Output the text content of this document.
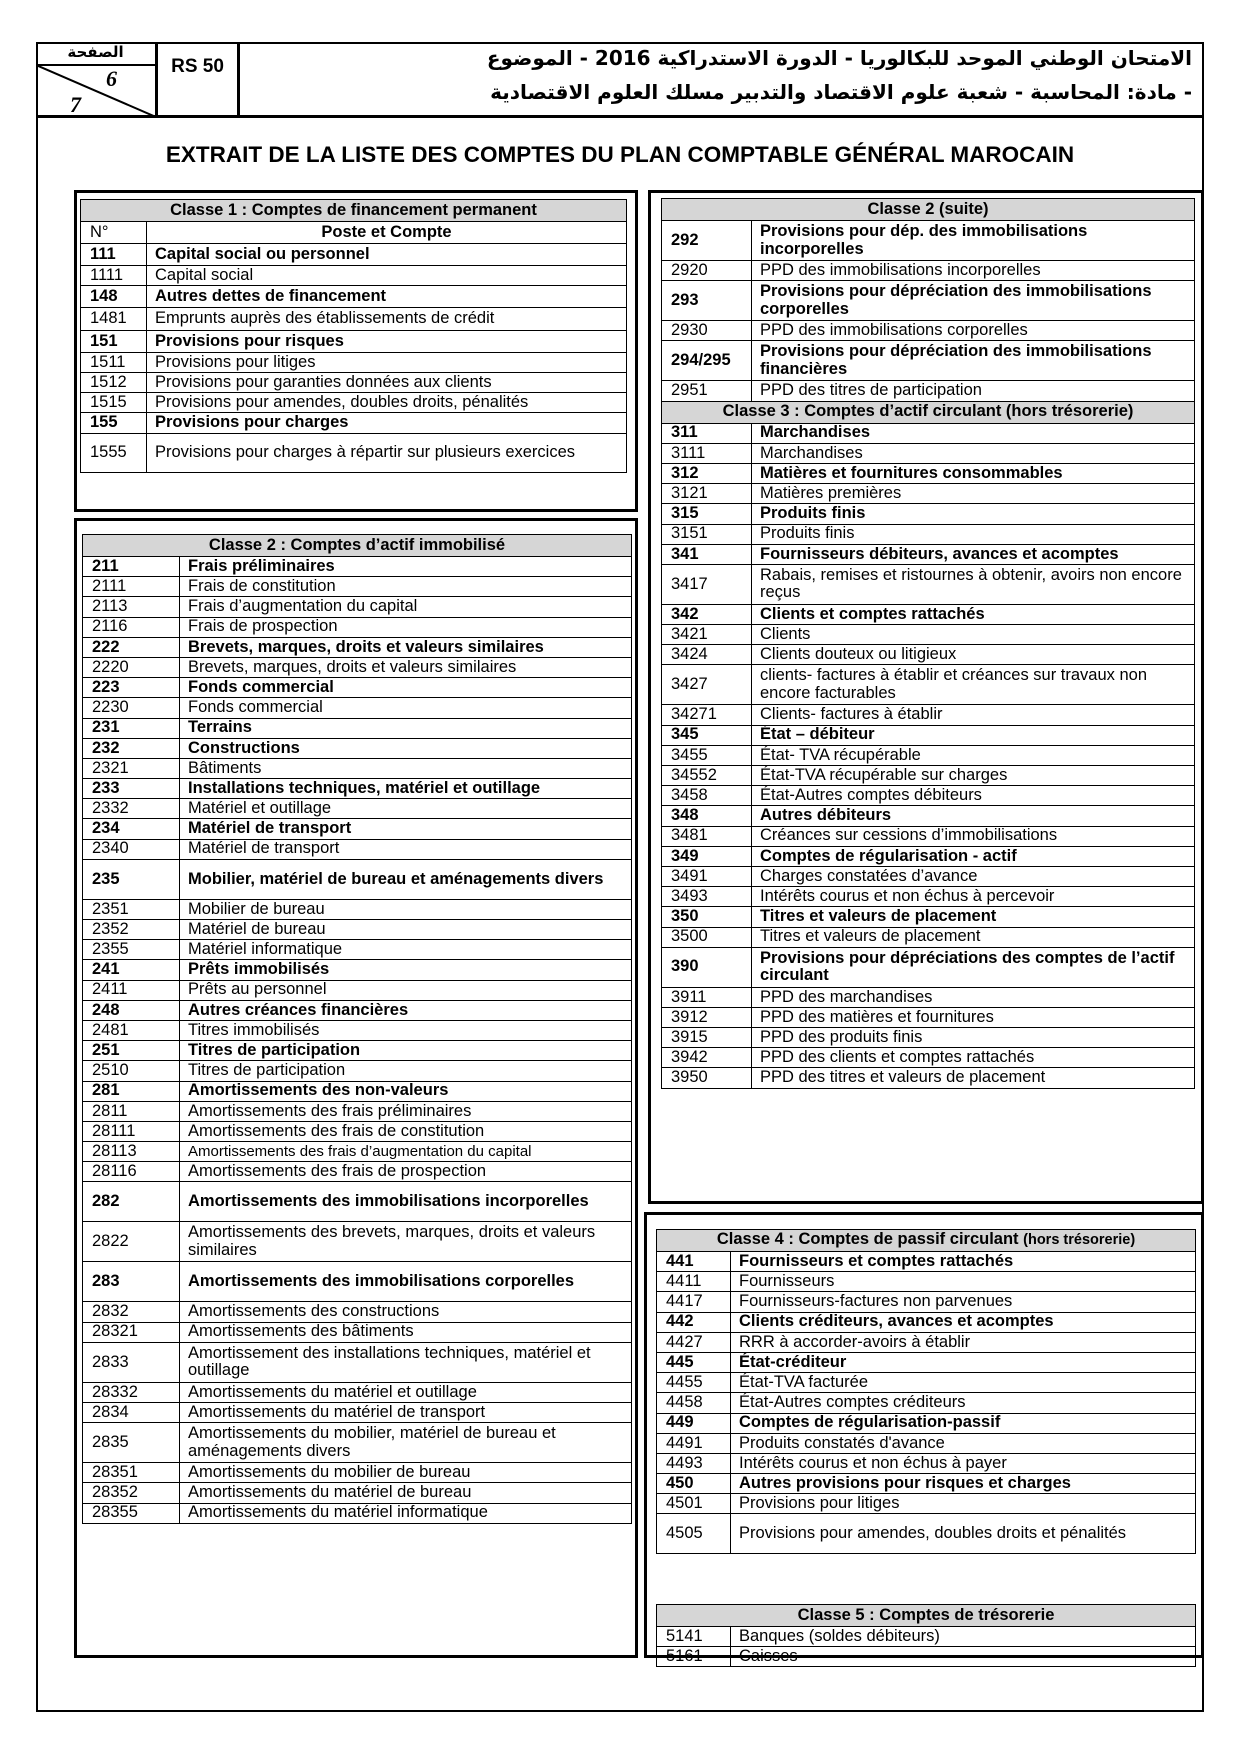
الصفحة
6
7
RS 50	الامتحان الوطني الموحد للبكالوريا - الدورة الاستدراكية 2016 - الموضوع
- مادة: المحاسبة - شعبة علوم الاقتصاد والتدبير مسلك العلوم الاقتصادية
EXTRAIT DE LA LISTE DES COMPTES DU PLAN COMPTABLE GÉNÉRAL MAROCAIN
Classe 1 : Comptes de financement permanent	
N°	Poste et Compte
111	Capital social ou personnel
1111	Capital social
148	Autres dettes de financement
1481	Emprunts auprès des établissements de crédit
151	Provisions pour risques
1511	Provisions pour litiges
1512	Provisions pour garanties données aux clients
1515	Provisions pour amendes, doubles droits, pénalités
155	Provisions pour charges
1555	Provisions pour charges à répartir sur plusieurs exercices
Classe 2 : Comptes d’actif immobilisé	
211	Frais préliminaires
2111	Frais de constitution
2113	Frais d’augmentation du capital
2116	Frais de prospection
222	Brevets, marques, droits et valeurs similaires
2220	Brevets, marques, droits et valeurs similaires
223	Fonds commercial
2230	Fonds commercial
231	Terrains
232	Constructions
2321	Bâtiments
233	Installations techniques, matériel et outillage
2332	Matériel et outillage
234	Matériel de transport
2340	Matériel de transport
235	Mobilier, matériel de bureau et aménagements divers
2351	Mobilier de bureau
2352	Matériel de bureau
2355	Matériel informatique
241	Prêts immobilisés
2411	Prêts au personnel
248	Autres créances financières
2481	Titres immobilisés
251	Titres de participation
2510	Titres de participation
281	Amortissements des non-valeurs
2811	Amortissements des frais préliminaires
28111	Amortissements des frais de constitution
28113	Amortissements des frais d’augmentation du capital
28116	Amortissements des frais de prospection
282	Amortissements des immobilisations incorporelles
2822	Amortissements des brevets, marques, droits et valeurs similaires
283	Amortissements des immobilisations corporelles
2832	Amortissements des constructions
28321	Amortissements des bâtiments
2833	Amortissement des installations techniques, matériel et outillage
28332	Amortissements du matériel et outillage
2834	Amortissements du matériel de transport
2835	Amortissements du mobilier, matériel de bureau et aménagements divers
28351	Amortissements du mobilier de bureau
28352	Amortissements du matériel de bureau
28355	Amortissements du matériel informatique
Classe 2 (suite)	
292	Provisions pour dép. des immobilisations incorporelles
2920	PPD des immobilisations incorporelles
293	Provisions pour dépréciation des immobilisations corporelles
2930	PPD des immobilisations corporelles
294/295	Provisions pour dépréciation des immobilisations financières
2951	PPD des titres de participation
Classe 3 : Comptes d’actif circulant (hors trésorerie)	
311	Marchandises
3111	Marchandises
312	Matières et fournitures consommables
3121	Matières premières
315	Produits finis
3151	Produits finis
341	Fournisseurs débiteurs, avances et acomptes
3417	Rabais, remises et ristournes à obtenir, avoirs non encore reçus
342	Clients et comptes rattachés
3421	Clients
3424	Clients douteux ou litigieux
3427	clients- factures à établir et créances sur travaux non encore facturables
34271	Clients- factures à établir
345	État – débiteur
3455	État- TVA récupérable
34552	État-TVA récupérable sur charges
3458	État-Autres comptes débiteurs
348	Autres débiteurs
3481	Créances sur cessions d’immobilisations
349	Comptes de régularisation - actif
3491	Charges constatées d’avance
3493	Intérêts courus et non échus à percevoir
350	Titres et valeurs de placement
3500	Titres et valeurs de placement
390	Provisions pour dépréciations des comptes de l’actif circulant
3911	PPD des marchandises
3912	PPD des matières et fournitures
3915	PPD des produits finis
3942	PPD des clients et comptes rattachés
3950	PPD des titres et valeurs de placement
Classe 4 : Comptes de passif circulant (hors trésorerie)	
441	Fournisseurs et comptes rattachés
4411	Fournisseurs
4417	Fournisseurs-factures non parvenues
442	Clients créditeurs, avances et acomptes
4427	RRR à accorder-avoirs à établir
445	État-créditeur
4455	État-TVA facturée
4458	État-Autres comptes créditeurs
449	Comptes de régularisation-passif
4491	Produits constatés d'avance
4493	Intérêts courus et non échus à payer
450	Autres provisions pour risques et charges
4501	Provisions pour litiges
4505	Provisions pour amendes, doubles droits et pénalités
Classe 5 : Comptes de trésorerie	
5141	Banques (soldes débiteurs)
5161	Caisses
